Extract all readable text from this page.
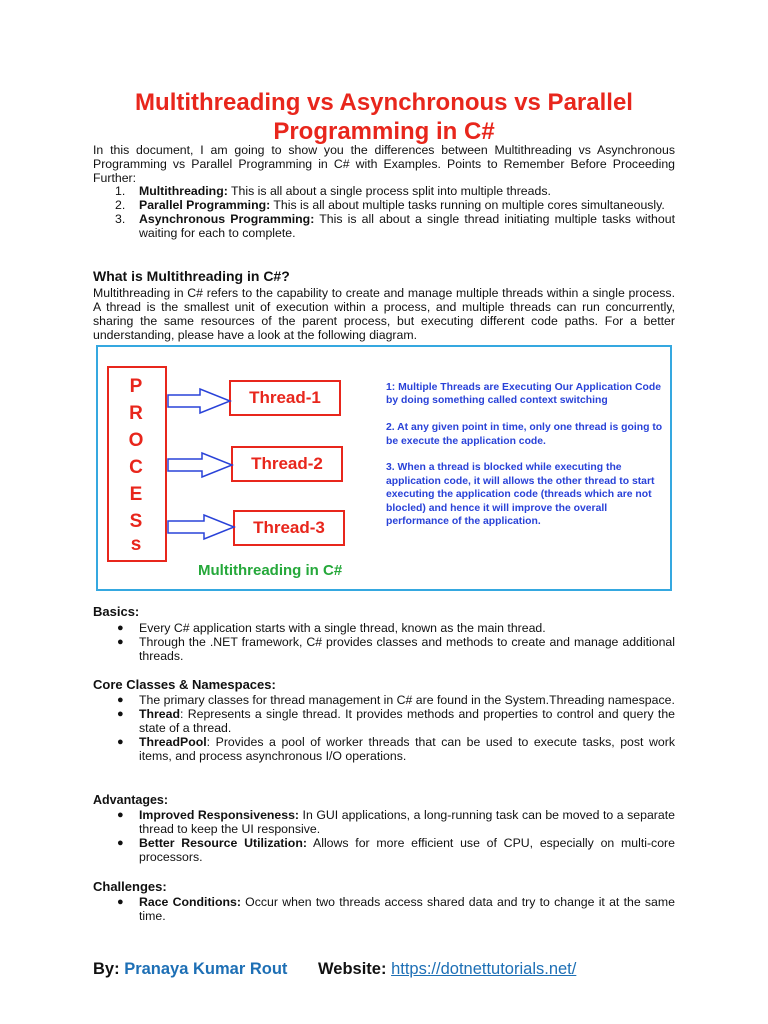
Multithreading vs Asynchronous vs Parallel Programming in C#
In this document, I am going to show you the differences between Multithreading vs Asynchronous Programming vs Parallel Programming in C# with Examples. Points to Remember Before Proceeding Further:
1. Multithreading: This is all about a single process split into multiple threads.
2. Parallel Programming: This is all about multiple tasks running on multiple cores simultaneously.
3. Asynchronous Programming: This is all about a single thread initiating multiple tasks without waiting for each to complete.
What is Multithreading in C#?
Multithreading in C# refers to the capability to create and manage multiple threads within a single process. A thread is the smallest unit of execution within a process, and multiple threads can run concurrently, sharing the same resources of the parent process, but executing different code paths. For a better understanding, please have a look at the following diagram.
P
R
O
C
E
S
s
Thread-1
Thread-2
Thread-3
Multithreading in C#

1: Multiple Threads are Executing Our Application Code by doing something called context switching

2. At any given point in time, only one thread is going to be execute the application code.

3. When a thread is blocked while executing the application code, it will allows the other thread to start executing the application code (threads which are not blocled) and hence it will improve the overall performance of the application.

Basics:
● Every C# application starts with a single thread, known as the main thread.
● Through the .NET framework, C# provides classes and methods to create and manage additional threads.
Core Classes & Namespaces:
● The primary classes for thread management in C# are found in the System.Threading namespace.
● Thread: Represents a single thread. It provides methods and properties to control and query the state of a thread.
● ThreadPool: Provides a pool of worker threads that can be used to execute tasks, post work items, and process asynchronous I/O operations.
Advantages:
● Improved Responsiveness: In GUI applications, a long-running task can be moved to a separate thread to keep the UI responsive.
● Better Resource Utilization: Allows for more efficient use of CPU, especially on multi-core processors.
Challenges:
● Race Conditions: Occur when two threads access shared data and try to change it at the same time.
By: Pranaya Kumar Rout Website: https://dotnettutorials.net/
